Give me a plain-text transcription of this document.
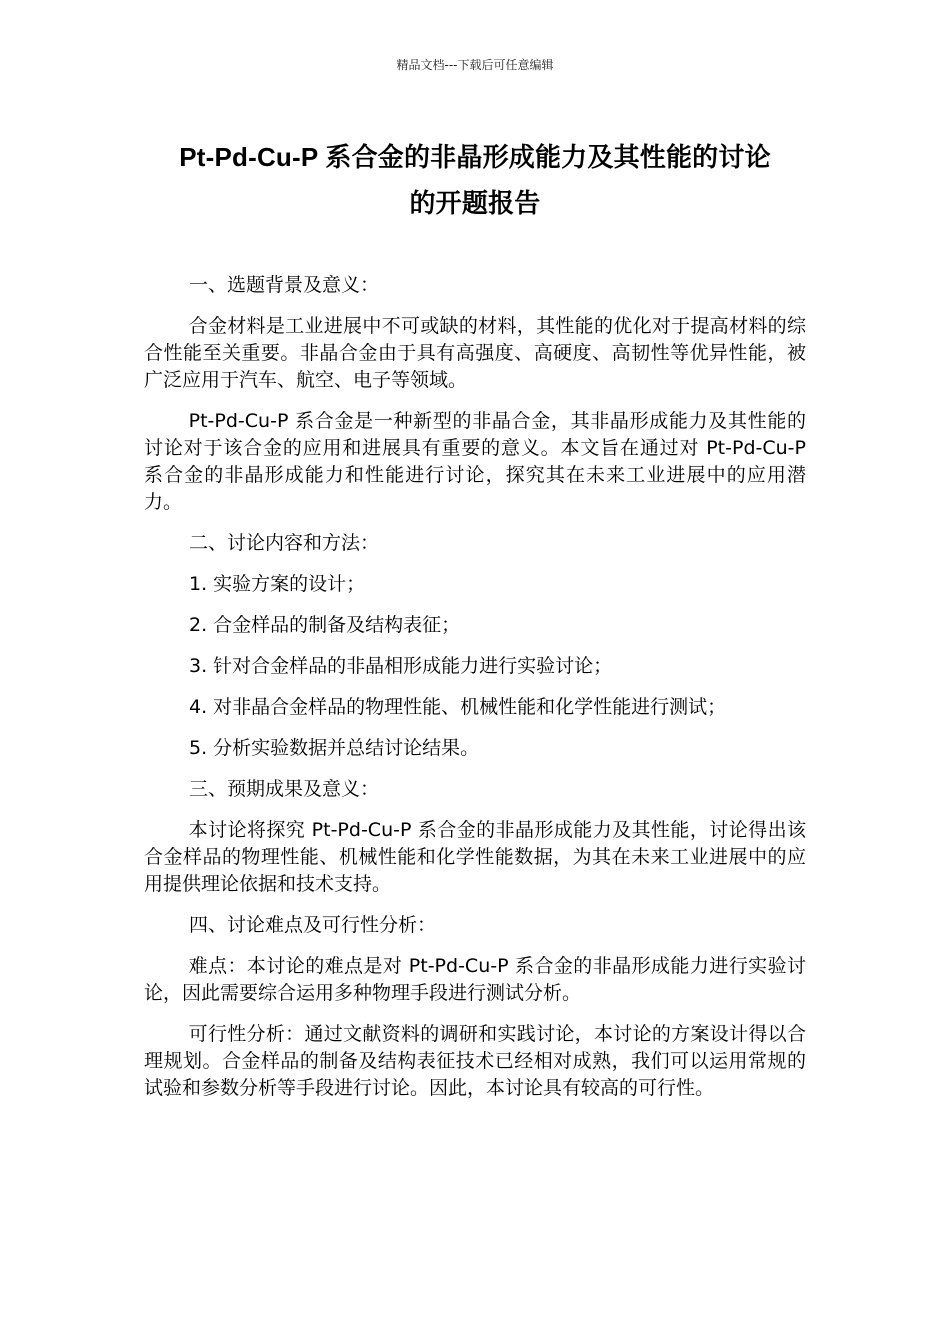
精品文档---下载后可任意编辑
Pt-Pd-Cu-P 系合金的非晶形成能力及其性能的讨论
的开题报告

一、选题背景及意义：

合金材料是工业进展中不可或缺的材料，其性能的优化对于提高材料的综合性能至关重要。非晶合金由于具有高强度、高硬度、高韧性等优异性能，被广泛应用于汽车、航空、电子等领域。

Pt-Pd-Cu-P 系合金是一种新型的非晶合金，其非晶形成能力及其性能的讨论对于该合金的应用和进展具有重要的意义。本文旨在通过对 Pt-Pd-Cu-P 系合金的非晶形成能力和性能进行讨论，探究其在未来工业进展中的应用潜力。

二、讨论内容和方法：

1. 实验方案的设计；

2. 合金样品的制备及结构表征；

3. 针对合金样品的非晶相形成能力进行实验讨论；

4. 对非晶合金样品的物理性能、机械性能和化学性能进行测试；

5. 分析实验数据并总结讨论结果。

三、预期成果及意义：

本讨论将探究 Pt-Pd-Cu-P 系合金的非晶形成能力及其性能，讨论得出该合金样品的物理性能、机械性能和化学性能数据，为其在未来工业进展中的应用提供理论依据和技术支持。

四、讨论难点及可行性分析：

难点：本讨论的难点是对 Pt-Pd-Cu-P 系合金的非晶形成能力进行实验讨论，因此需要综合运用多种物理手段进行测试分析。

可行性分析：通过文献资料的调研和实践讨论，本讨论的方案设计得以合理规划。合金样品的制备及结构表征技术已经相对成熟，我们可以运用常规的试验和参数分析等手段进行讨论。因此，本讨论具有较高的可行性。
